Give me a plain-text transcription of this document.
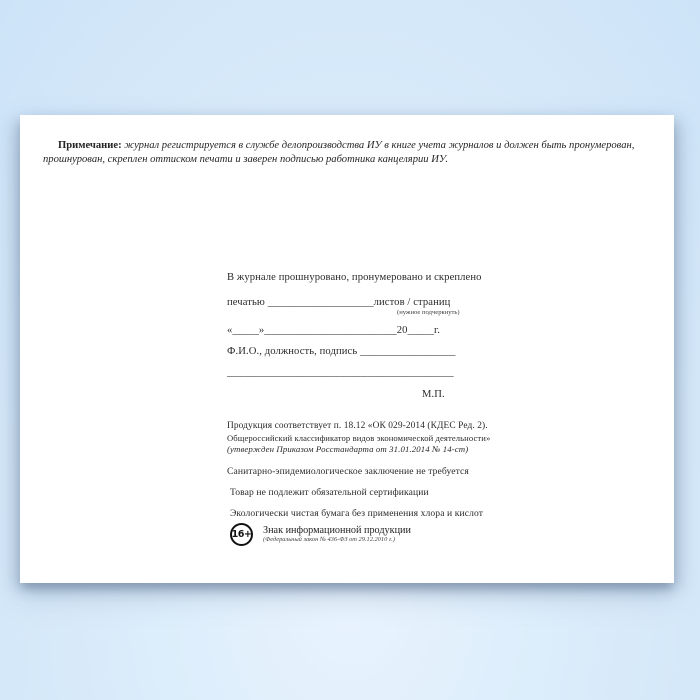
Примечание: журнал регистрируется в службе делопроизводства ИУ в книге учета журналов и должен быть пронумерован, прошнурован, скреплен оттиском печати и заверен подписью работника канцелярии ИУ.

В журнале прошнуровано, пронумеровано и скреплено
печатью ____________________листов / страниц
(нужное подчеркнуть)
«_____»_________________________20_____г.
Ф.И.О., должность, подпись __________________
__________________________________________
М.П.
Продукция соответствует п. 18.12 «ОК 029-2014 (КДЕС Ред. 2).
Общероссийский классификатор видов экономической деятельности»
(утвержден Приказом Росстандарта от 31.01.2014 № 14-ст)
Санитарно-эпидемиологическое заключение не требуется
Товар не подлежит обязательной сертификации
Экологически чистая бумага без применения хлора и кислот
16+ Знак информационной продукции
(Федеральный закон № 436-ФЗ от 29.12.2010 г.)
